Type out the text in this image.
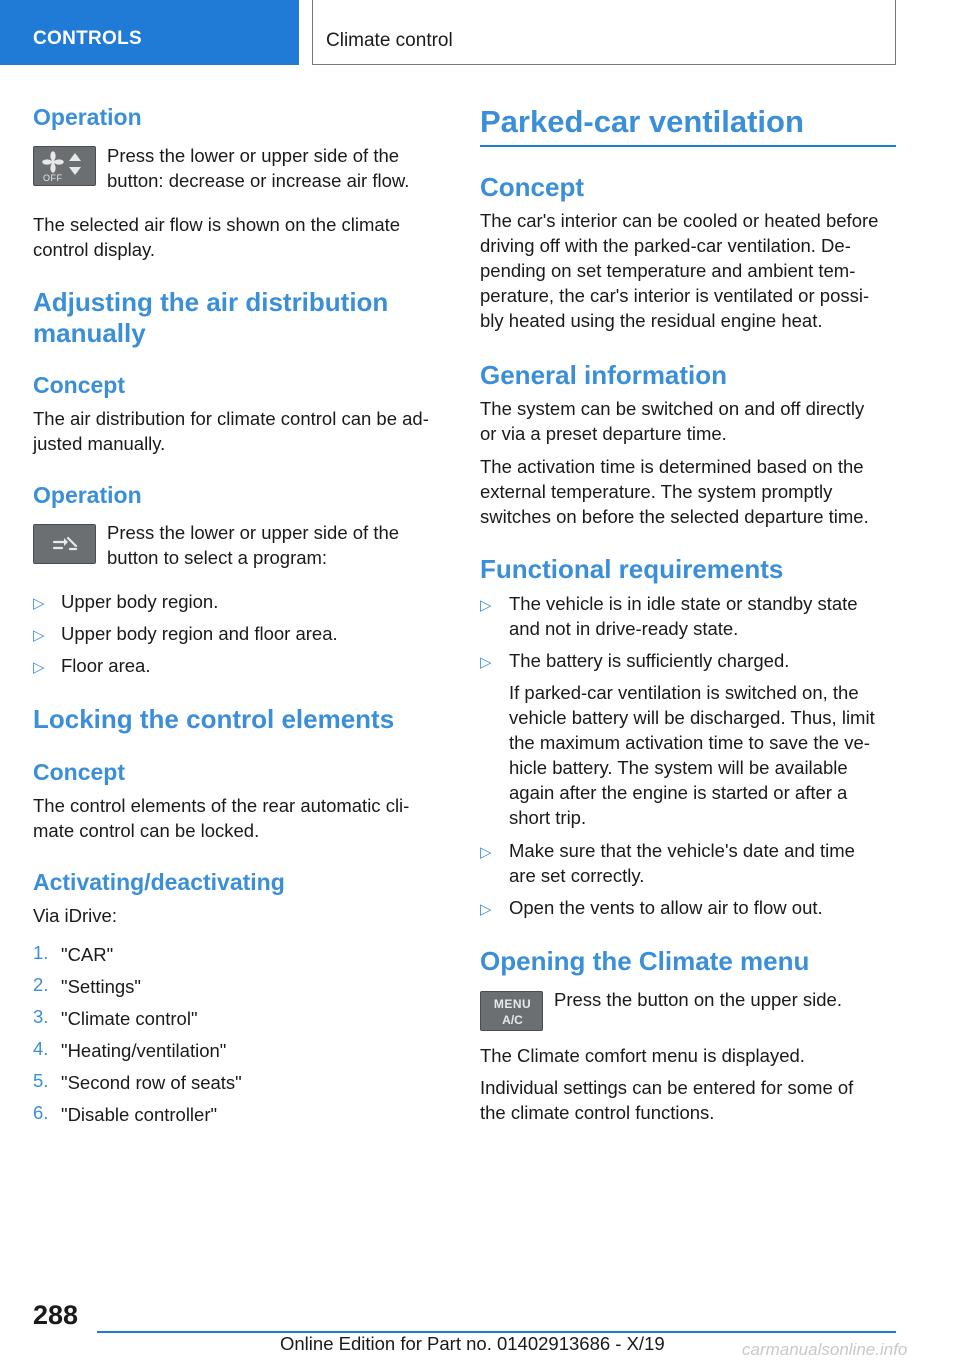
CONTROLS	Climate control
Operation
OFF
Press the lower or upper side of the
button: decrease or increase air flow.
The selected air flow is shown on the climate
control display.
Adjusting the air distribution
manually
Concept
The air distribution for climate control can be ad‐
justed manually.
Operation
Press the lower or upper side of the
button to select a program:
▷ Upper body region.
▷ Upper body region and floor area.
▷ Floor area.
Locking the control elements
Concept
The control elements of the rear automatic cli‐
mate control can be locked.
Activating/deactivating
Via iDrive:
1. "CAR"
2. "Settings"
3. "Climate control"
4. "Heating/ventilation"
5. "Second row of seats"
6. "Disable controller"
Parked-car ventilation
Concept
The car's interior can be cooled or heated before
driving off with the parked-car ventilation. De‐
pending on set temperature and ambient tem‐
perature, the car's interior is ventilated or possi‐
bly heated using the residual engine heat.
General information
The system can be switched on and off directly
or via a preset departure time.
The activation time is determined based on the
external temperature. The system promptly
switches on before the selected departure time.
Functional requirements
▷ The vehicle is in idle state or standby state
and not in drive-ready state.
▷ The battery is sufficiently charged.
If parked-car ventilation is switched on, the
vehicle battery will be discharged. Thus, limit
the maximum activation time to save the ve‐
hicle battery. The system will be available
again after the engine is started or after a
short trip.
▷ Make sure that the vehicle's date and time
are set correctly.
▷ Open the vents to allow air to flow out.
Opening the Climate menu
MENU
A/C
Press the button on the upper side.
The Climate comfort menu is displayed.
Individual settings can be entered for some of
the climate control functions.
288
Online Edition for Part no. 01402913686 - X/19	carmanualsonline.info
